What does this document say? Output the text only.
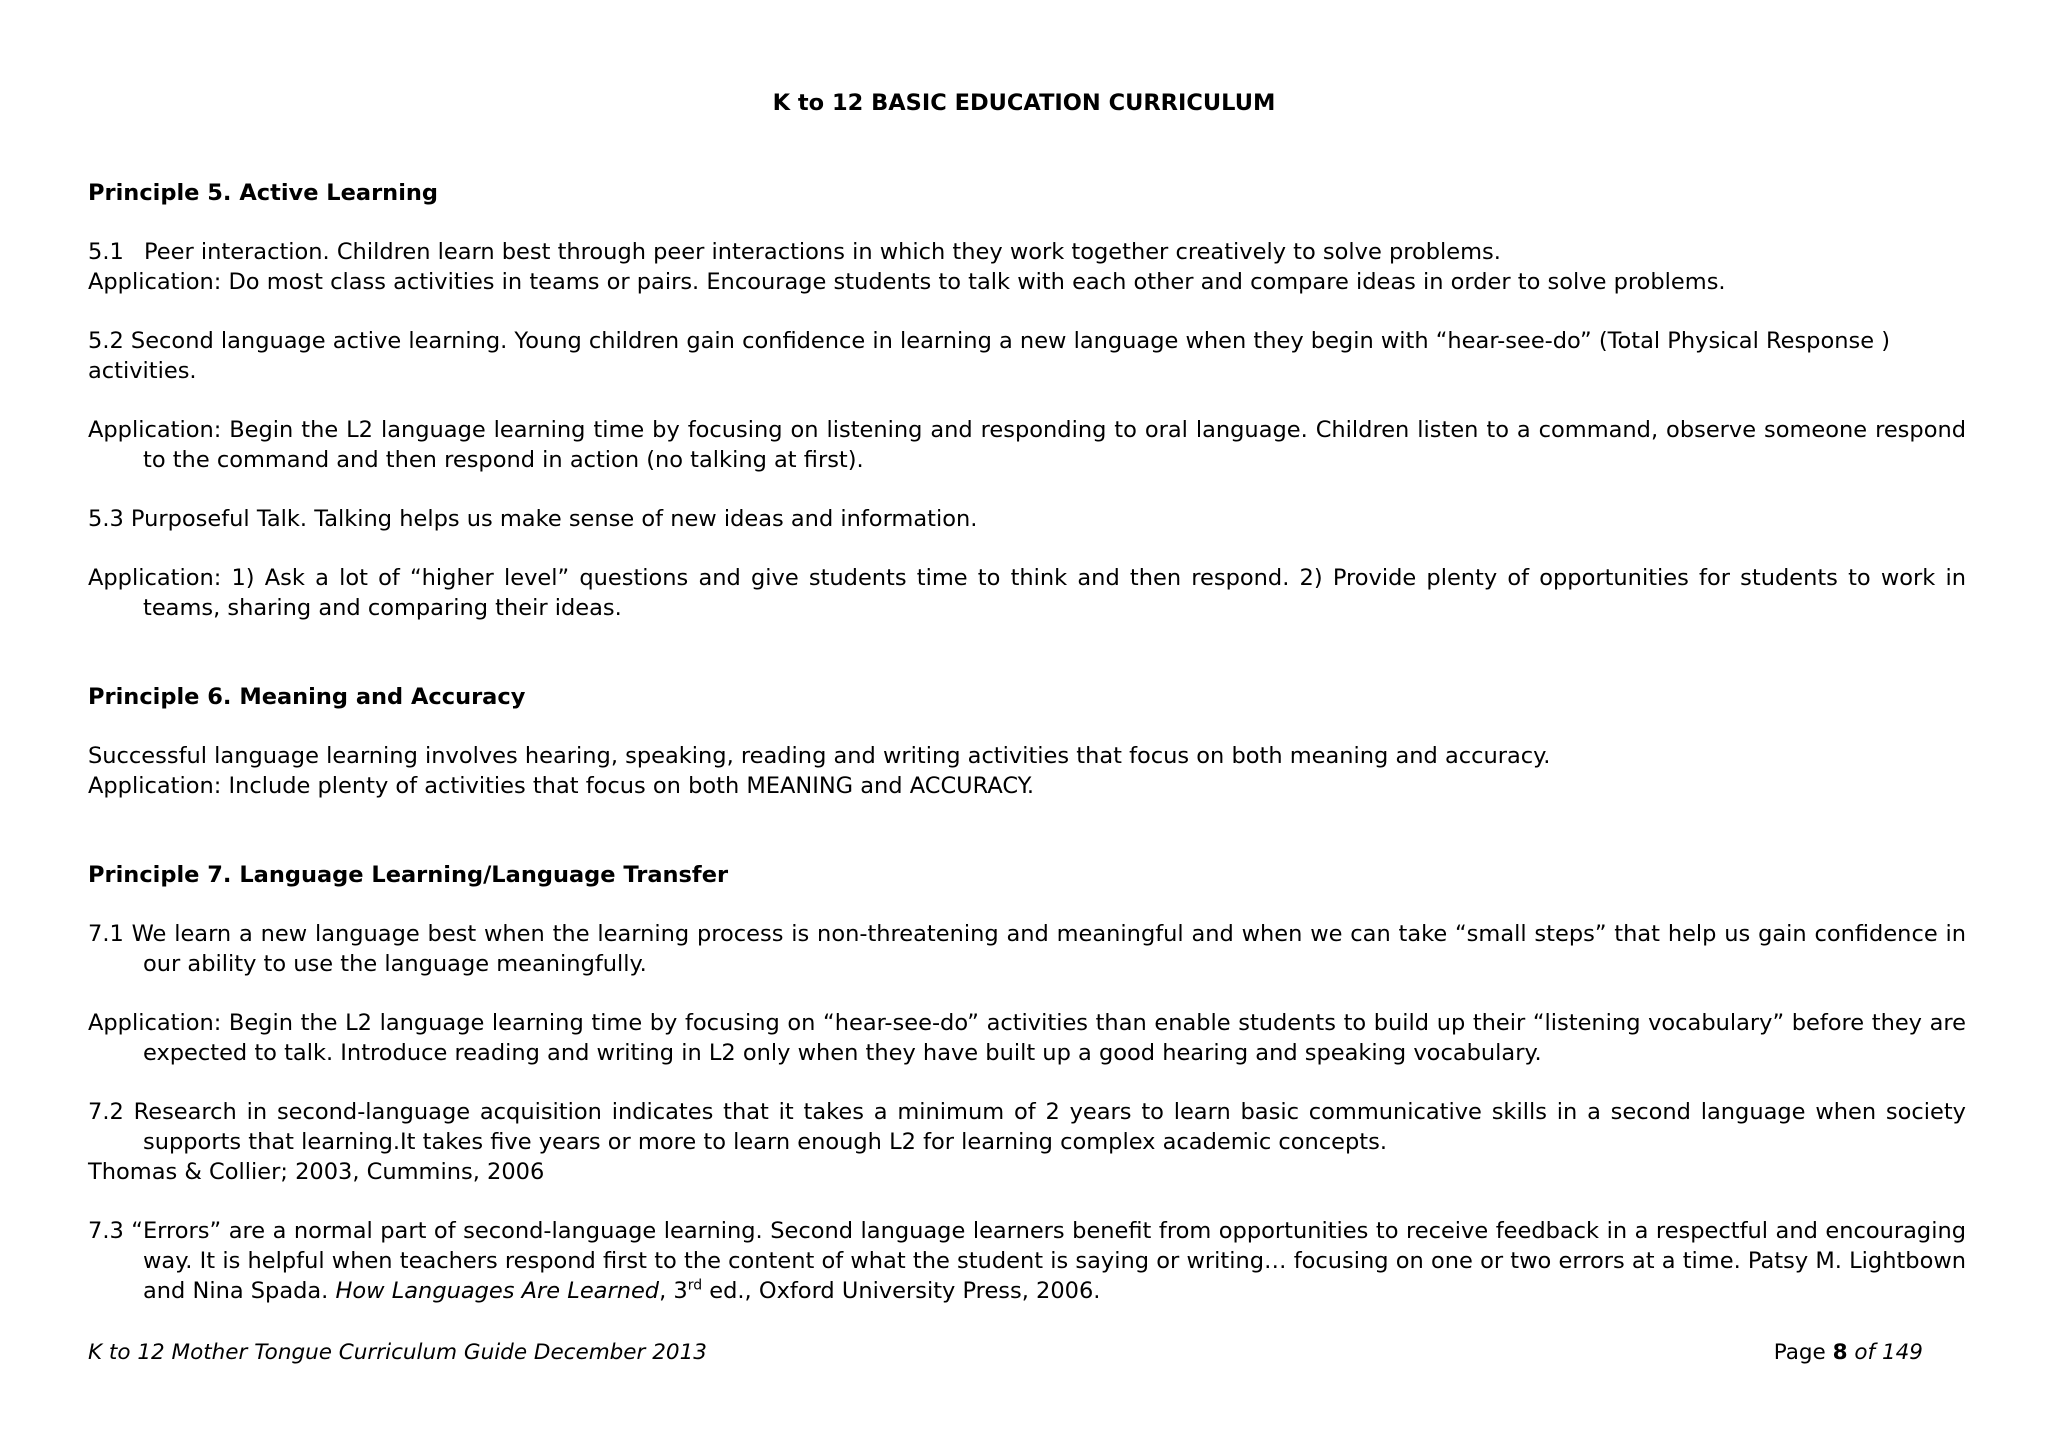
K to 12 BASIC EDUCATION CURRICULUM
Principle 5. Active Learning

5.1 Peer interaction. Children learn best through peer interactions in which they work together creatively to solve problems.

Application: Do most class activities in teams or pairs. Encourage students to talk with each other and compare ideas in order to solve problems.

5.2 Second language active learning. Young children gain confidence in learning a new language when they begin with “hear-see-do” (Total Physical Response ) activities.

Application: Begin the L2 language learning time by focusing on listening and responding to oral language. Children listen to a command, observe someone respond to the command and then respond in action (no talking at first).

5.3 Purposeful Talk. Talking helps us make sense of new ideas and information.

Application: 1) Ask a lot of “higher level” questions and give students time to think and then respond. 2) Provide plenty of opportunities for students to work in teams, sharing and comparing their ideas.

Principle 6. Meaning and Accuracy

Successful language learning involves hearing, speaking, reading and writing activities that focus on both meaning and accuracy.

Application: Include plenty of activities that focus on both MEANING and ACCURACY.

Principle 7. Language Learning/Language Transfer

7.1 We learn a new language best when the learning process is non-threatening and meaningful and when we can take “small steps” that help us gain confidence in our ability to use the language meaningfully.

Application: Begin the L2 language learning time by focusing on “hear-see-do” activities than enable students to build up their “listening vocabulary” before they are expected to talk. Introduce reading and writing in L2 only when they have built up a good hearing and speaking vocabulary.

7.2 Research in second-language acquisition indicates that it takes a minimum of 2 years to learn basic communicative skills in a second language when society supports that learning.It takes five years or more to learn enough L2 for learning complex academic concepts.

Thomas & Collier; 2003, Cummins, 2006

7.3 “Errors” are a normal part of second-language learning. Second language learners benefit from opportunities to receive feedback in a respectful and encouraging way. It is helpful when teachers respond first to the content of what the student is saying or writing… focusing on one or two errors at a time. Patsy M. Lightbown and Nina Spada. How Languages Are Learned, 3rd ed., Oxford University Press, 2006.

K to 12 Mother Tongue Curriculum Guide December 2013	Page 8 of 149
